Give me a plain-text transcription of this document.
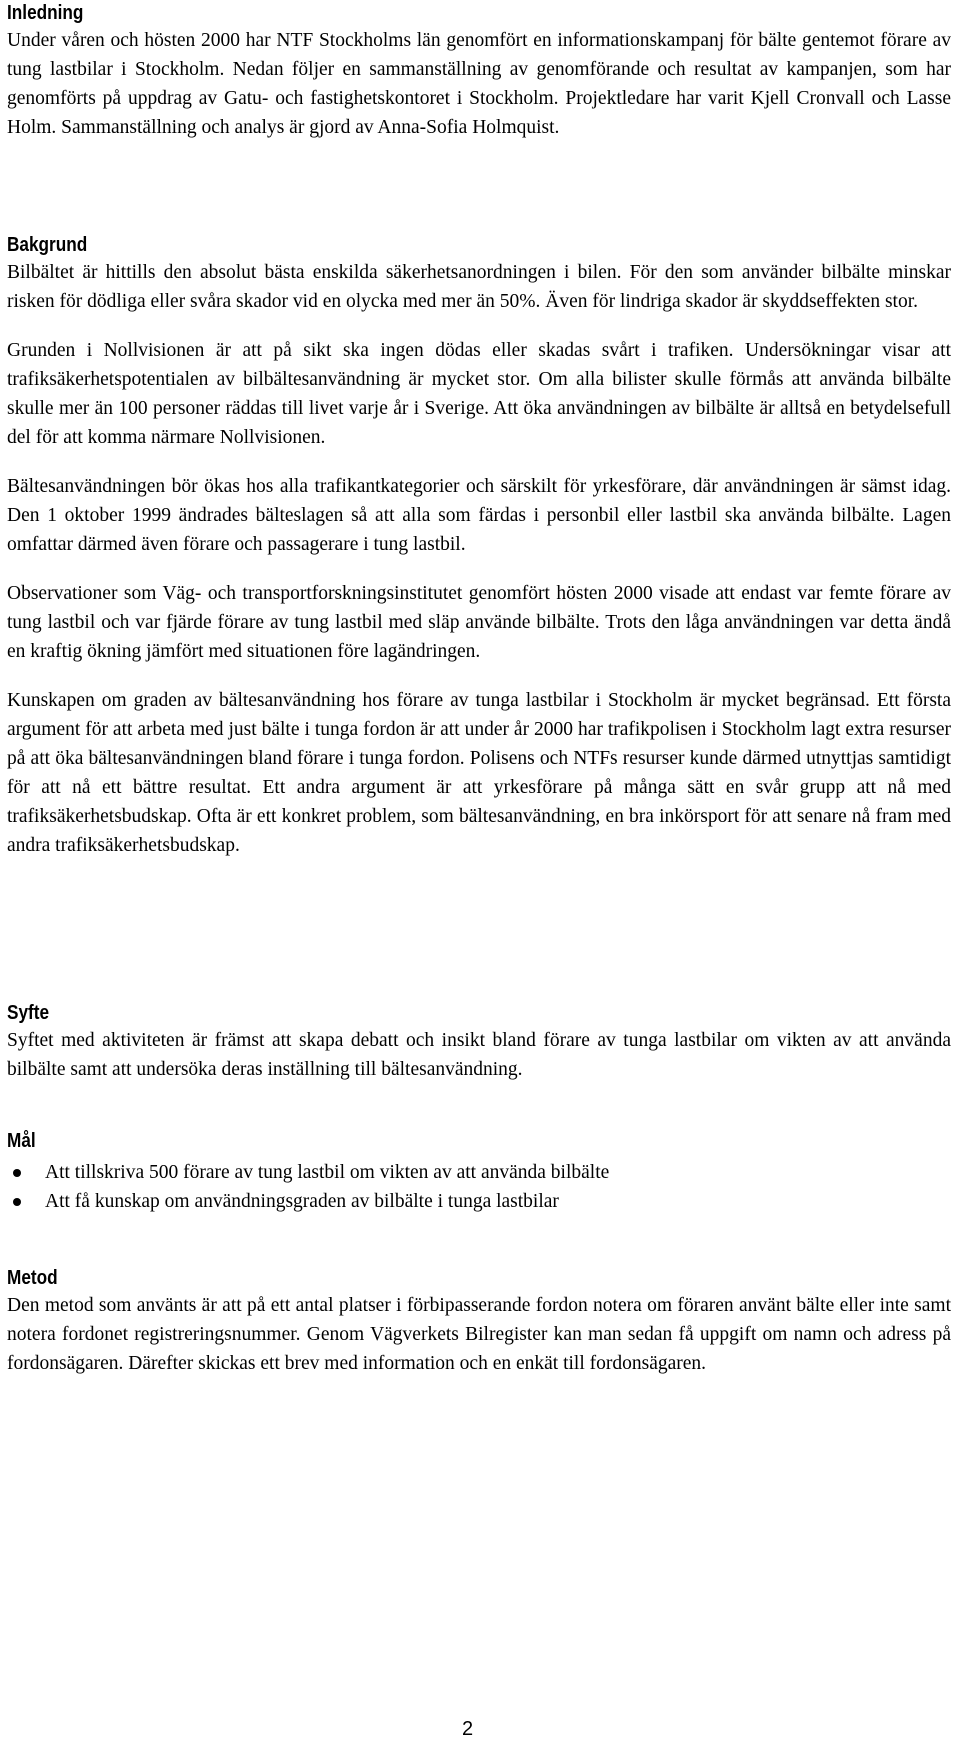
Inledning

Under våren och hösten 2000 har NTF Stockholms län genomfört en informationskampanj för bälte gentemot förare av tung lastbilar i Stockholm. Nedan följer en sammanställning av genomförande och resultat av kampanjen, som har genomförts på uppdrag av Gatu- och fastighetskontoret i Stockholm. Projektledare har varit Kjell Cronvall och Lasse Holm. Sammanställning och analys är gjord av Anna-Sofia Holmquist.

Bakgrund

Bilbältet är hittills den absolut bästa enskilda säkerhetsanordningen i bilen. För den som använder bilbälte minskar risken för dödliga eller svåra skador vid en olycka med mer än 50%. Även för lindriga skador är skyddseffekten stor.

Grunden i Nollvisionen är att på sikt ska ingen dödas eller skadas svårt i trafiken. Undersökningar visar att trafiksäkerhetspotentialen av bilbältesanvändning är mycket stor. Om alla bilister skulle förmås att använda bilbälte skulle mer än 100 personer räddas till livet varje år i Sverige. Att öka användningen av bilbälte är alltså en betydelsefull del för att komma närmare Nollvisionen.

Bältesanvändningen bör ökas hos alla trafikantkategorier och särskilt för yrkesförare, där användningen är sämst idag. Den 1 oktober 1999 ändrades bälteslagen så att alla som färdas i personbil eller lastbil ska använda bilbälte. Lagen omfattar därmed även förare och passagerare i tung lastbil.

Observationer som Väg- och transportforskningsinstitutet genomfört hösten 2000 visade att endast var femte förare av tung lastbil och var fjärde förare av tung lastbil med släp använde bilbälte. Trots den låga användningen var detta ändå en kraftig ökning jämfört med situationen före lagändringen.

Kunskapen om graden av bältesanvändning hos förare av tunga lastbilar i Stockholm är mycket begränsad. Ett första argument för att arbeta med just bälte i tunga fordon är att under år 2000 har trafikpolisen i Stockholm lagt extra resurser på att öka bältesanvändningen bland förare i tunga fordon. Polisens och NTFs resurser kunde därmed utnyttjas samtidigt för att nå ett bättre resultat. Ett andra argument är att yrkesförare på många sätt en svår grupp att nå med trafiksäkerhetsbudskap. Ofta är ett konkret problem, som bältesanvändning, en bra inkörsport för att senare nå fram med andra trafiksäkerhetsbudskap.

Syfte

Syftet med aktiviteten är främst att skapa debatt och insikt bland förare av tunga lastbilar om vikten av att använda bilbälte samt att undersöka deras inställning till bältesanvändning.

Mål
Att tillskriva 500 förare av tung lastbil om vikten av att använda bilbälte
Att få kunskap om användningsgraden av bilbälte i tunga lastbilar
Metod

Den metod som använts är att på ett antal platser i förbipasserande fordon notera om föraren använt bälte eller inte samt notera fordonet registreringsnummer. Genom Vägverkets Bilregister kan man sedan få uppgift om namn och adress på fordonsägaren. Därefter skickas ett brev med information och en enkät till fordonsägaren.

2
